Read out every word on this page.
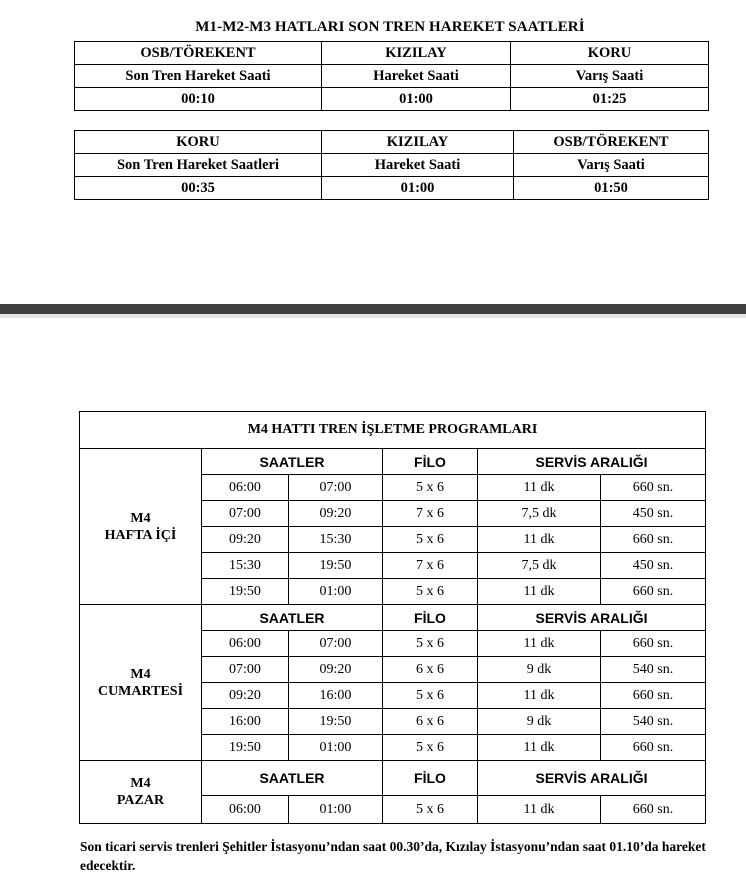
M1-M2-M3 HATLARI SON TREN HAREKET SAATLERİ
OSB/TÖREKENT	KIZILAY	KORU
Son Tren Hareket Saati	Hareket Saati	Varış Saati
00:10	01:00	01:25
KORU	KIZILAY	OSB/TÖREKENT
Son Tren Hareket Saatleri	Hareket Saati	Varış Saati
00:35	01:00	01:50
M4 HATTI TREN İŞLETME PROGRAMLARI					
M4
HAFTA İÇİ	SAATLER		FİLO	SERVİS ARALIĞI	
	06:00	07:00	5 x 6	11 dk	660 sn.
	07:00	09:20	7 x 6	7,5 dk	450 sn.
	09:20	15:30	5 x 6	11 dk	660 sn.
	15:30	19:50	7 x 6	7,5 dk	450 sn.
	19:50	01:00	5 x 6	11 dk	660 sn.
M4
CUMARTESİ	SAATLER		FİLO	SERVİS ARALIĞI	
	06:00	07:00	5 x 6	11 dk	660 sn.
	07:00	09:20	6 x 6	9 dk	540 sn.
	09:20	16:00	5 x 6	11 dk	660 sn.
	16:00	19:50	6 x 6	9 dk	540 sn.
	19:50	01:00	5 x 6	11 dk	660 sn.
M4
PAZAR	SAATLER		FİLO	SERVİS ARALIĞI	
	06:00	01:00	5 x 6	11 dk	660 sn.
Son ticari servis trenleri Şehitler İstasyonu’ndan saat 00.30’da, Kızılay İstasyonu’ndan saat 01.10’da hareket edecektir.
